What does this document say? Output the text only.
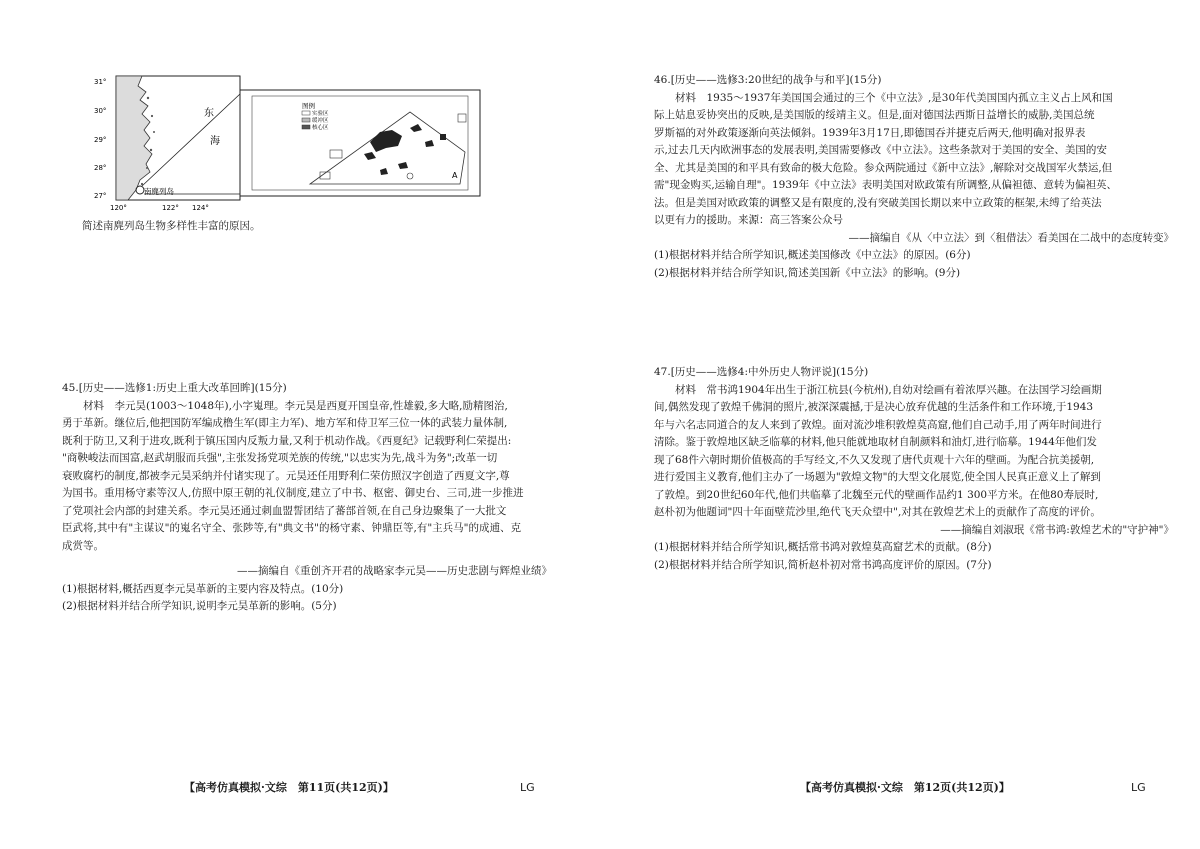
31°
30°
29°
28°
27°
120°	122° 124°
东
海
南麂列岛
图例
实验区
缓冲区
核心区
A
简述南麂列岛生物多样性丰富的原因。
45.[历史——选修1:历史上重大改革回眸](15分)
材料　李元昊(1003～1048年),小字嵬理。李元昊是西夏开国皇帝,性雄毅,多大略,励精图治,
勇于革新。继位后,他把国防军编成橹生军(即主力军)、地方军和侍卫军三位一体的武装力量体制,
既利于防卫,又利于进攻,既利于镇压国内反叛力量,又利于机动作战。《西夏纪》记载野利仁荣提出:
"商鞅峻法而国富,赵武胡服而兵强",主张发扬党项羌族的传统,"以忠实为先,战斗为务";改革一切
衰败腐朽的制度,都被李元昊采纳并付诸实现了。元昊还任用野利仁荣仿照汉字创造了西夏文字,尊
为国书。重用杨守素等汉人,仿照中原王朝的礼仪制度,建立了中书、枢密、御史台、三司,进一步推进
了党项社会内部的封建关系。李元昊还通过刺血盟誓团结了蕃部首领,在自己身边聚集了一大批文
臣武将,其中有"主谋议"的嵬名守全、张陟等,有"典文书"的杨守素、钟鼎臣等,有"主兵马"的成逋、克
成赏等。
——摘编自《重创齐开君的战略家李元昊——历史悲剧与辉煌业绩》
(1)根据材料,概括西夏李元昊革新的主要内容及特点。(10分)
(2)根据材料并结合所学知识,说明李元昊革新的影响。(5分)
46.[历史——选修3:20世纪的战争与和平](15分)
材料　1935～1937年美国国会通过的三个《中立法》,是30年代美国国内孤立主义占上风和国
际上姑息妥协突出的反映,是美国版的绥靖主义。但是,面对德国法西斯日益增长的威胁,美国总统
罗斯福的对外政策逐渐向英法倾斜。1939年3月17日,即德国吞并捷克后两天,他明确对报界表
示,过去几天内欧洲事态的发展表明,美国需要修改《中立法》。这些条款对于美国的安全、美国的安
全、尤其是美国的和平具有致命的极大危险。参众两院通过《新中立法》,解除对交战国军火禁运,但
需"现金购买,运输自理"。1939年《中立法》表明美国对欧政策有所调整,从偏袒德、意转为偏袒英、
法。但是美国对欧政策的调整又是有限度的,没有突破美国长期以来中立政策的框架,未缚了给英法
以更有力的援助。来源：高三答案公众号
——摘编自《从〈中立法〉到〈租借法〉看美国在二战中的态度转变》
(1)根据材料并结合所学知识,概述美国修改《中立法》的原因。(6分)
(2)根据材料并结合所学知识,简述美国新《中立法》的影响。(9分)
47.[历史——选修4:中外历史人物评说](15分)
材料　常书鸿1904年出生于浙江杭县(今杭州),自幼对绘画有着浓厚兴趣。在法国学习绘画期
间,偶然发现了敦煌千佛洞的照片,被深深震撼,于是决心放弃优越的生活条件和工作环境,于1943
年与六名志同道合的友人来到了敦煌。面对流沙堆积敦煌莫高窟,他们自己动手,用了两年时间进行
清除。鉴于敦煌地区缺乏临摹的材料,他只能就地取材自制颜料和油灯,进行临摹。1944年他们发
现了68件六朝时期价值极高的手写经文,不久又发现了唐代贞观十六年的壁画。为配合抗美援朝,
进行爱国主义教育,他们主办了一场题为"敦煌文物"的大型文化展览,使全国人民真正意义上了解到
了敦煌。到20世纪60年代,他们共临摹了北魏至元代的壁画作品约1 300平方米。在他80寿辰时,
赵朴初为他题词"四十年面壁荒沙里,绝代飞天众望中",对其在敦煌艺术上的贡献作了高度的评价。
——摘编自刘淑珉《常书鸿:敦煌艺术的"守护神"》
(1)根据材料并结合所学知识,概括常书鸿对敦煌莫高窟艺术的贡献。(8分)
(2)根据材料并结合所学知识,简析赵朴初对常书鸿高度评价的原因。(7分)
【高考仿真模拟·文综　第11页(共12页)】	LG	【高考仿真模拟·文综　第12页(共12页)】	LG
